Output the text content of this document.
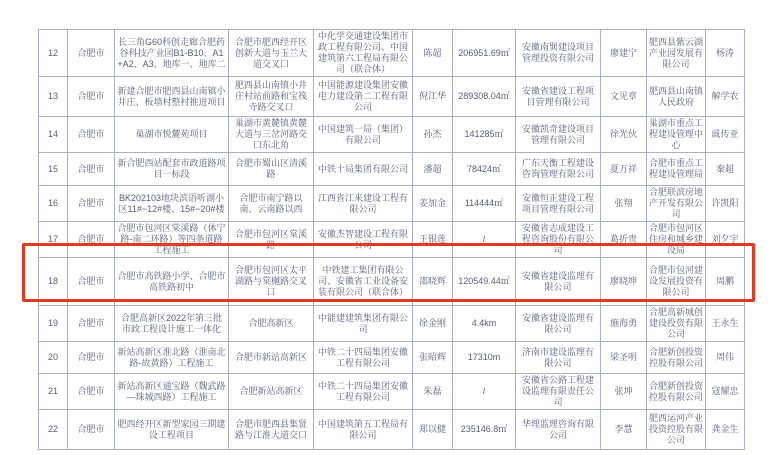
12	合肥市	长三角G60科创走廊合肥药谷科技产业园B1-B10、A1+A2、A3、地库一、地库二	合肥市肥西经开区创新大道与玉兰大道交叉口	中化学交通建设集团市政工程有限公司、中国建筑第六工程局有限公司（联合体）	陈超	206951.69㎡	安徽南巽建设项目管理投资有限公司	廖建宁	肥西县紫云湖产业园发展有限公司	杨涛
13	合肥市	新建合肥市肥西县山南镇小井庄、板墙村整村推进项目	肥西县山南镇小井庄村站前路和宝筏寺路交叉口	中国能源建设集团安徽电力建设第二工程有限公司	倪江华	289308.04㎡	安徽省建设工程项目管理有限公司	文见章	肥西县山南镇人民政府	解学农
14	合肥市	巢湖市悦麓苑项目	巢湖市黄麓镇黄麓大道与三岔河路交口东北角	中国建筑一局（集团）有限公司	孙杰	141285㎡	安徽凯奇建设项目管理有限公司	徐光伙	巢湖市重点工程建设管理中心	戚传亚
15	合肥市	新合肥西站配套市政道路项目一标段	合肥市蜀山区清溪路	中铁十局集团有限公司	潘超	78424㎡	广东天衡工程建设咨询管理有限公司	夏万祥	合肥市重点工程建设管理局	秦超
16	合肥市	BK202103地块滨语听湖小区11#~12#楼、15#~20#楼	合肥市南宁路以南、云南路以西	江西省江来建设工程有限公司	姜加金	114444㎡	安徽恒正建设工程项目管理有限公司	张翔	合肥联滨房地产开发有限公司	许凯阳
17	合肥市	合肥市包河区棠溪路（休宁路-南二环路）等四条道路工程施工	合肥市包河区棠溪路	安徽杰智建设工程有限公司	王银莲	/	安徽省志成建设工程咨询股份有限公司	葛折贵	合肥市包河区住房和城乡建设局	刘夕宇
18	合肥市	合肥市高铁路小学、合肥市高铁路初中	合肥市包河区太平湖路与棠樾路交叉口	中铁建工集团有限公司、安徽省工业设备安装有限公司（联合体）	邵晓辉	120549.44㎡	安徽省建设监理有限公司	廖晓坤	合肥市包河建设发展投资有限公司	周鹏
19	合肥市	合肥高新区2022年第三批市政工程设计施工一体化	合肥高新区	中能建建筑集团有限公司	徐金刚	4.4km	安徽省建设监理有限公司	施海勇	合肥高新城创建设投资有限公司	王永生
20	合肥市	新站高新区淮北路（淮南北路-故黄路）工程施工	合肥市新站高新区	中铁二十四局集团安徽工程有限公司	张昭辉	17310m	济南市建设监理有限公司	梁圣明	合肥新创投资控股有限公司	周伟
21	合肥市	新站高新区通宝路（魏武路—珠城西路）工程施工	合肥新站高新区	中铁二十四局集团安徽工程有限公司	朱磊	/	安徽省公路工程建设监理有限责任公司	张坤	合肥新创投资控股有限公司	寇耀忠
22	合肥市	肥西经开区新型家园三期建设工程项目	合肥市肥西县集贤路与江淮大道交口	中国建筑第五工程局有限公司	郑以健	235146.8㎡	华理监理咨询有限公司	李慧	肥西运河产业投资控股有限公司	龚金生
